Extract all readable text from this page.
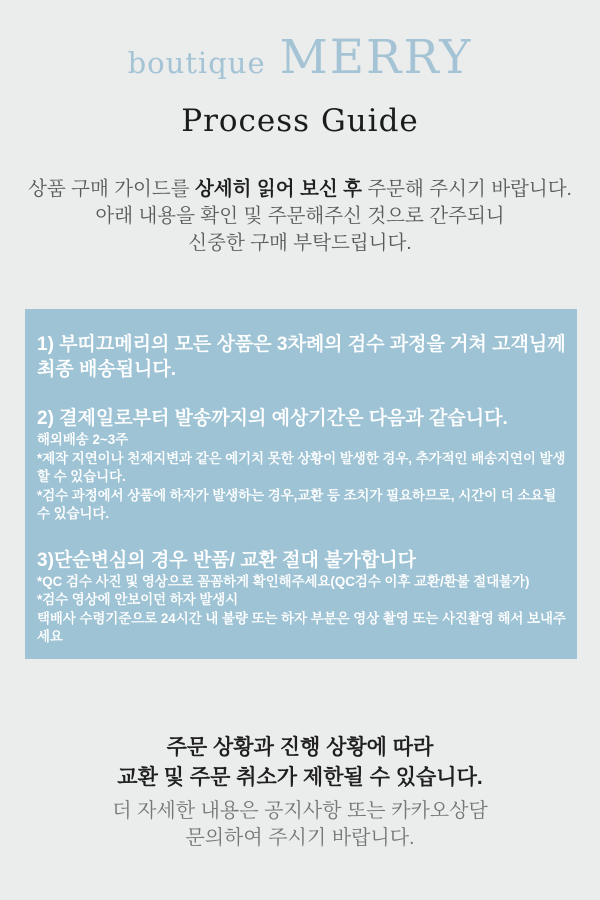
boutique MERRY
Process Guide
상품 구매 가이드를 상세히 읽어 보신 후 주문해 주시기 바랍니다.
아래 내용을 확인 및 주문해주신 것으로 간주되니
신중한 구매 부탁드립니다.

1) 부띠끄메리의 모든 상품은 3차례의 검수 과정을 거쳐 고객님께 최종 배송됩니다.

2) 결제일로부터 발송까지의 예상기간은 다음과 같습니다.

해외배송 2~3주

*제작 지연이나 천재지변과 같은 예기치 못한 상황이 발생한 경우, 추가적인 배송지연이 발생할 수 있습니다.

*검수 과정에서 상품에 하자가 발생하는 경우,교환 등 조치가 필요하므로, 시간이 더 소요될 수 있습니다.

3)단순변심의 경우 반품/ 교환 절대 불가합니다

*QC 검수 사진 및 영상으로 꼼꼼하게 확인해주세요(QC검수 이후 교환/환불 절대불가)

*검수 영상에 안보이던 하자 발생시

택배사 수령기준으로 24시간 내 불량 또는 하자 부분은 영상 촬영 또는 사진촬영 해서 보내주세요

주문 상황과 진행 상황에 따라

교환 및 주문 취소가 제한될 수 있습니다.

더 자세한 내용은 공지사항 또는 카카오상담

문의하여 주시기 바랍니다.
